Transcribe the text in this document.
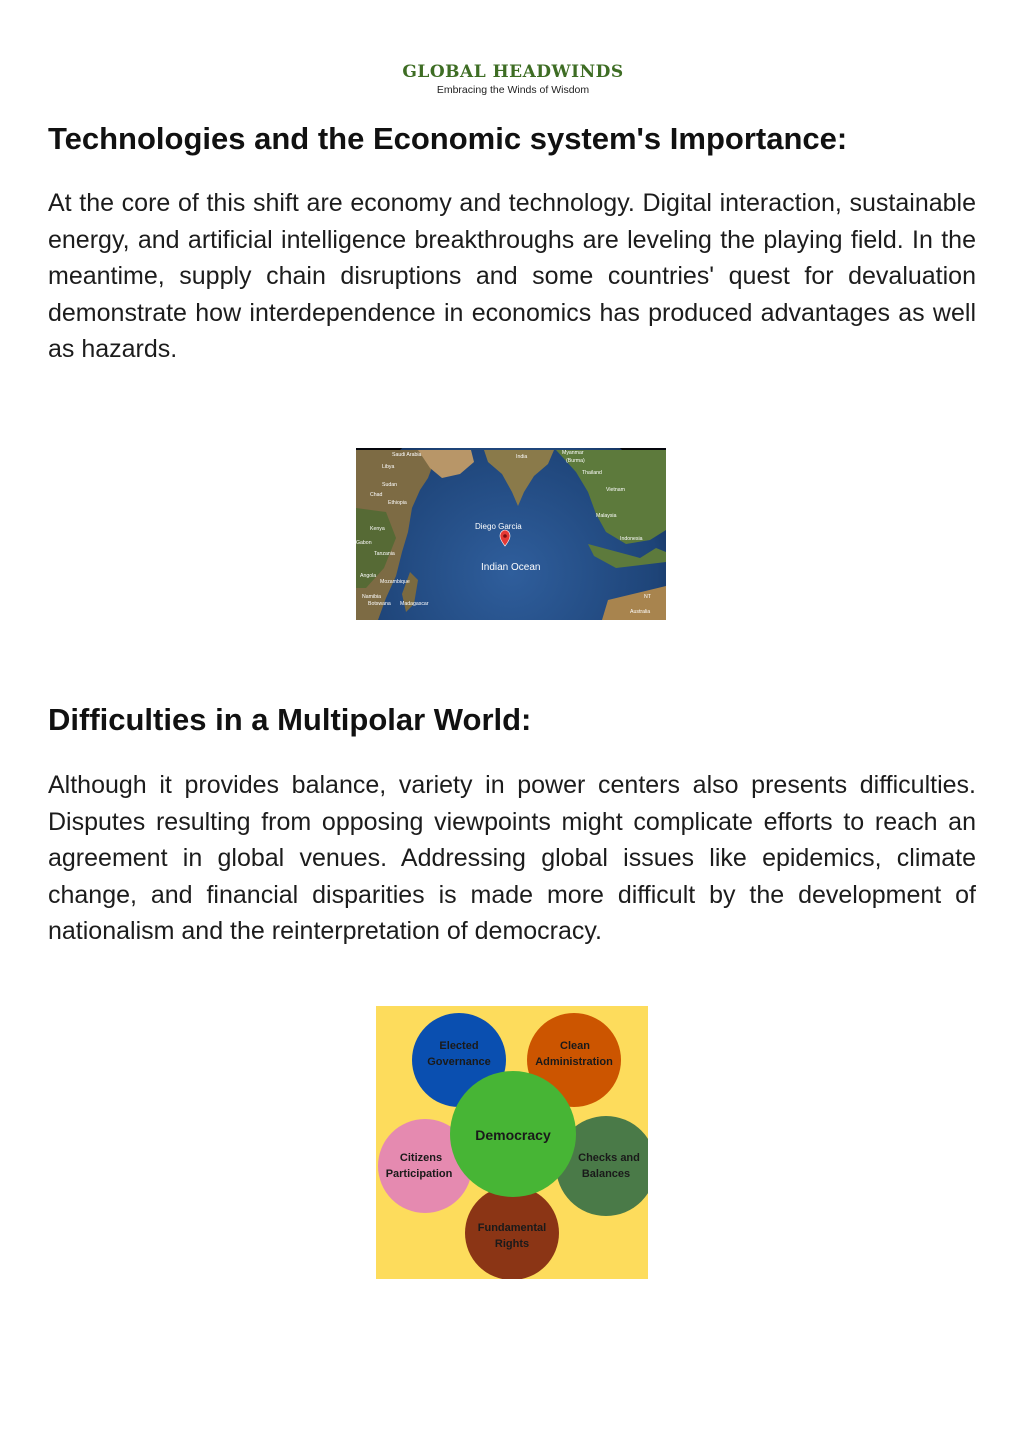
GLOBAL HEADWINDS
Embracing the Winds of Wisdom
Technologies and the Economic system's Importance:

At the core of this shift are economy and technology. Digital interaction, sustainable energy, and artificial intelligence breakthroughs are leveling the playing field. In the meantime, supply chain disruptions and some countries' quest for devaluation demonstrate how interdependence in economics has produced advantages as well as hazards.

Saudi Arabia	India
Myanmar
(Burma)
Libya
Sudan
Chad
Ethiopia
Thailand
Vietnam
Malaysia
Kenya
Indonesia
Gabon
Tanzania
Angola
Mozambique
Namibia
Botswana Madagascar
NT
Australia
Diego Garcia
Indian Ocean
Difficulties in a Multipolar World:

Although it provides balance, variety in power centers also presents difficulties. Disputes resulting from opposing viewpoints might complicate efforts to reach an agreement in global venues. Addressing global issues like epidemics, climate change, and financial disparities is made more difficult by the development of nationalism and the reinterpretation of democracy.

Elected
Governance
Clean
Administration
Democracy
Citizens
Participation
Checks and
Balances
Fundamental
Rights
